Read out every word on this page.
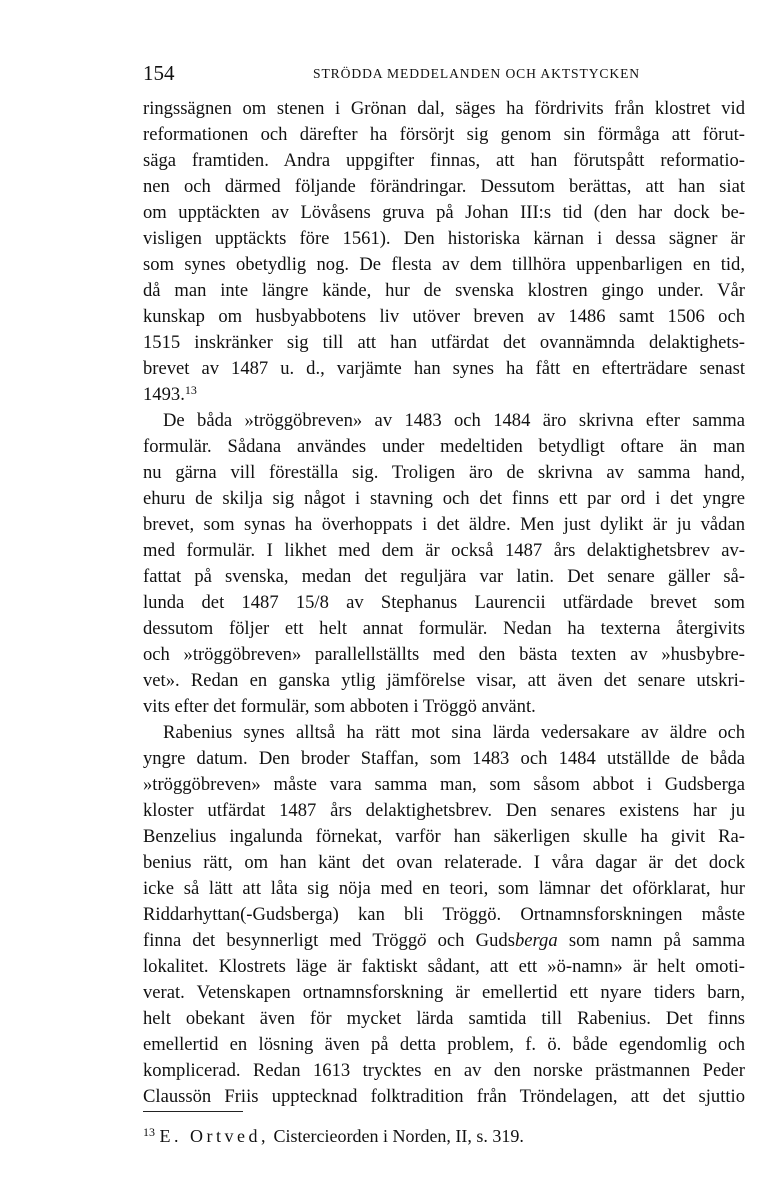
154	STRÖDDA MEDDELANDEN OCH AKTSTYCKEN
ringssägnen om stenen i Grönan dal, säges ha fördrivits från klostret vid
reformationen och därefter ha försörjt sig genom sin förmåga att förut-
säga framtiden. Andra uppgifter finnas, att han förutspått reformatio-
nen och därmed följande förändringar. Dessutom berättas, att han siat
om upptäckten av Lövåsens gruva på Johan III:s tid (den har dock be-
visligen upptäckts före 1561). Den historiska kärnan i dessa sägner är
som synes obetydlig nog. De flesta av dem tillhöra uppenbarligen en tid,
då man inte längre kände, hur de svenska klostren gingo under. Vår
kunskap om husbyabbotens liv utöver breven av 1486 samt 1506 och
1515 inskränker sig till att han utfärdat det ovannämnda delaktighets-
brevet av 1487 u. d., varjämte han synes ha fått en efterträdare senast
1493.13
De båda »tröggöbreven» av 1483 och 1484 äro skrivna efter samma
formulär. Sådana användes under medeltiden betydligt oftare än man
nu gärna vill föreställa sig. Troligen äro de skrivna av samma hand,
ehuru de skilja sig något i stavning och det finns ett par ord i det yngre
brevet, som synas ha överhoppats i det äldre. Men just dylikt är ju vådan
med formulär. I likhet med dem är också 1487 års delaktighetsbrev av-
fattat på svenska, medan det reguljära var latin. Det senare gäller så-
lunda det 1487 15/8 av Stephanus Laurencii utfärdade brevet som
dessutom följer ett helt annat formulär. Nedan ha texterna återgivits
och »tröggöbreven» parallellställts med den bästa texten av »husbybre-
vet». Redan en ganska ytlig jämförelse visar, att även det senare utskri-
vits efter det formulär, som abboten i Tröggö använt.
Rabenius synes alltså ha rätt mot sina lärda vedersakare av äldre och
yngre datum. Den broder Staffan, som 1483 och 1484 utställde de båda
»tröggöbreven» måste vara samma man, som såsom abbot i Gudsberga
kloster utfärdat 1487 års delaktighetsbrev. Den senares existens har ju
Benzelius ingalunda förnekat, varför han säkerligen skulle ha givit Ra-
benius rätt, om han känt det ovan relaterade. I våra dagar är det dock
icke så lätt att låta sig nöja med en teori, som lämnar det oförklarat, hur
Riddarhyttan(-Gudsberga) kan bli Tröggö. Ortnamnsforskningen måste
finna det besynnerligt med Tröggö och Gudsberga som namn på samma
lokalitet. Klostrets läge är faktiskt sådant, att ett »ö-namn» är helt omoti-
verat. Vetenskapen ortnamnsforskning är emellertid ett nyare tiders barn,
helt obekant även för mycket lärda samtida till Rabenius. Det finns
emellertid en lösning även på detta problem, f. ö. både egendomlig och
komplicerad. Redan 1613 trycktes en av den norske prästmannen Peder
Claussön Friis upptecknad folktradition från Tröndelagen, att det sjuttio
$^{13}$ E. Ortved, Cistercieorden i Norden, II, s. 319.
